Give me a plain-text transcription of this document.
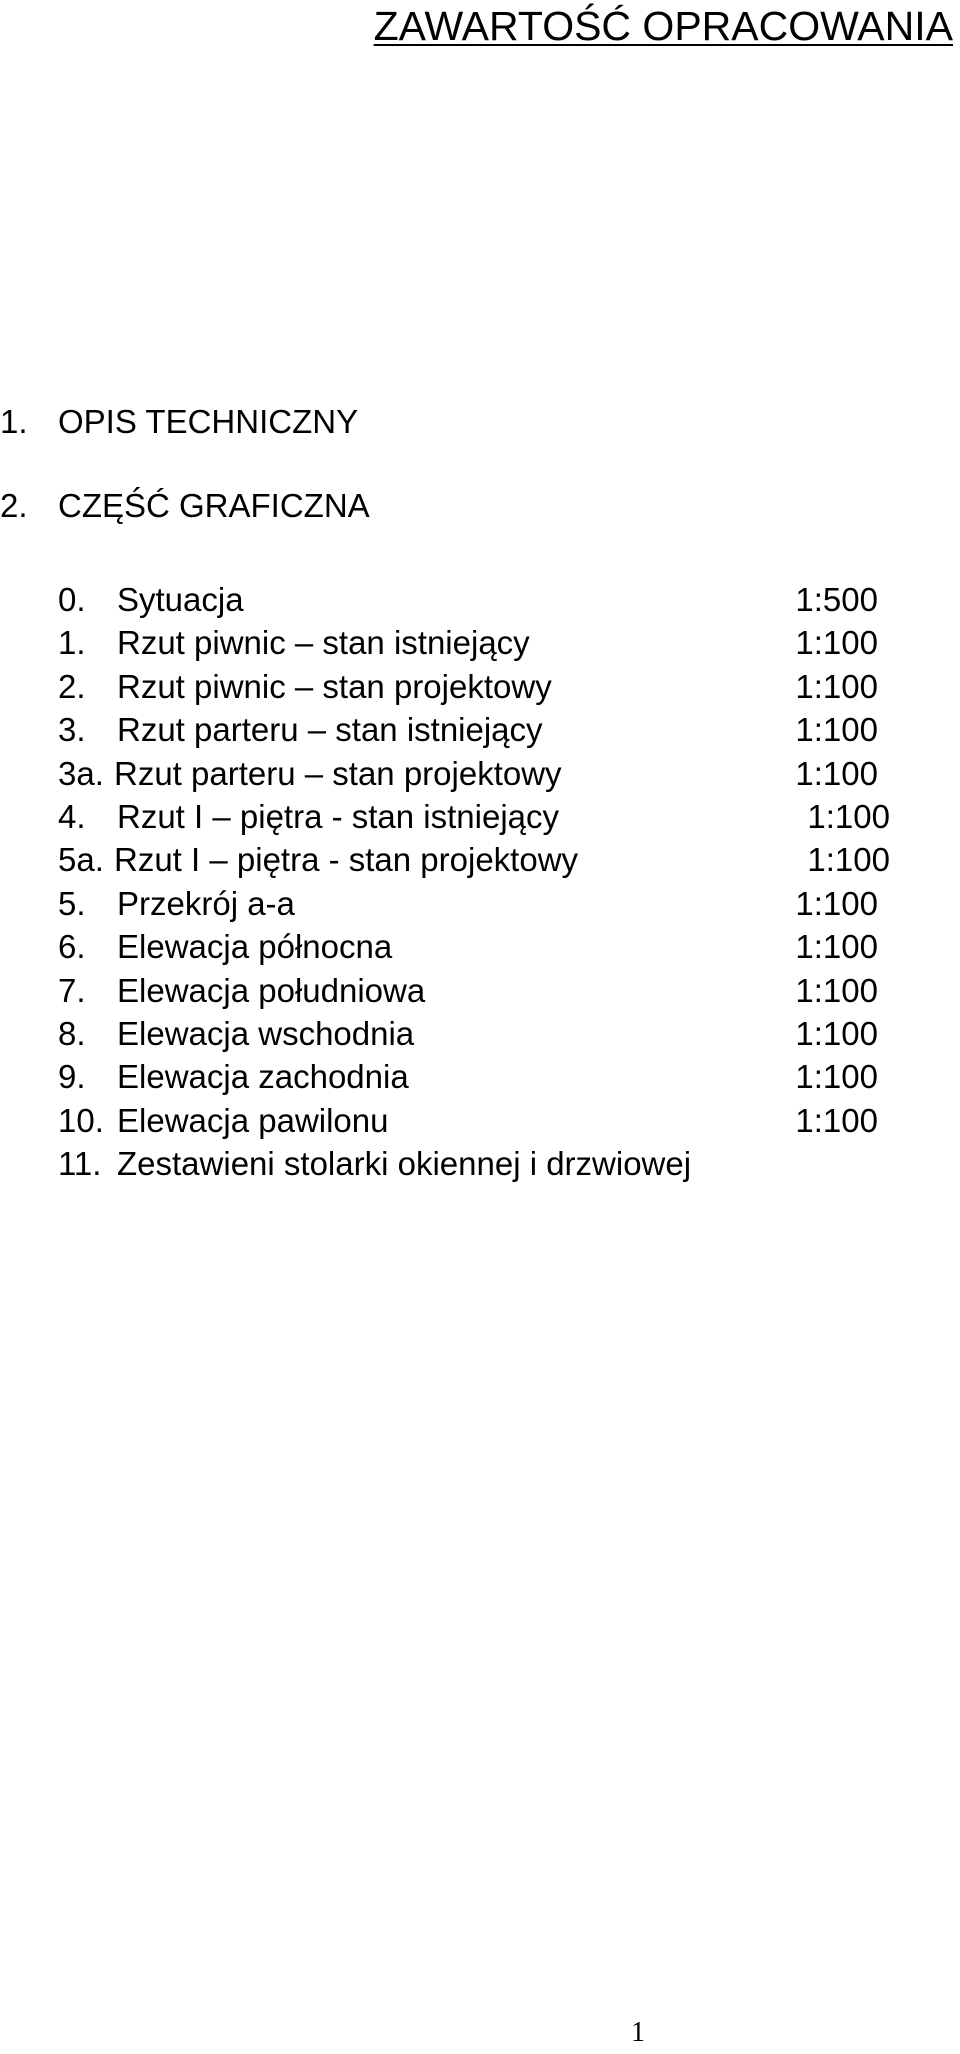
ZAWARTOŚĆ OPRACOWANIA
1. OPIS TECHNICZNY
2. CZĘŚĆ GRAFICZNA
0. Sytuacja	1:500
1. Rzut piwnic – stan istniejący	1:100
2. Rzut piwnic – stan projektowy	1:100
3. Rzut parteru – stan istniejący	1:100
3a. Rzut parteru – stan projektowy	1:100
4. Rzut I – piętra - stan istniejący	1:100
5a. Rzut I – piętra - stan projektowy	1:100
5. Przekrój a-a	1:100
6. Elewacja północna	1:100
7. Elewacja południowa	1:100
8. Elewacja wschodnia	1:100
9. Elewacja zachodnia	1:100
10. Elewacja pawilonu	1:100
11. Zestawieni stolarki okiennej i drzwiowej
1
